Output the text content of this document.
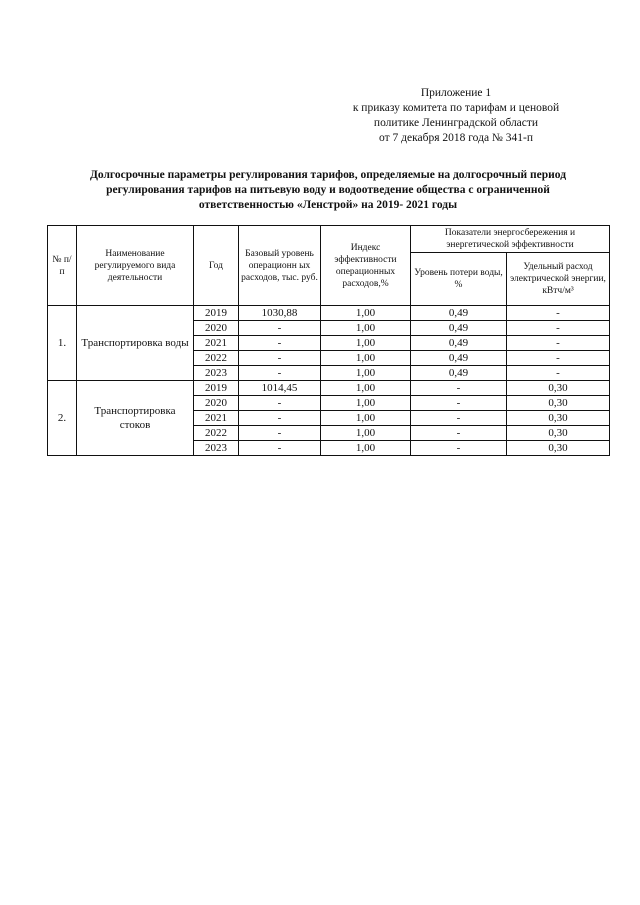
Приложение 1
к приказу комитета по тарифам и ценовой
политике Ленинградской области
от 7 декабря 2018 года № 341-п
Долгосрочные параметры регулирования тарифов, определяемые на долгосрочный период
регулирования тарифов на питьевую воду и водоотведение общества с ограниченной
ответственностью «Ленстрой» на 2019- 2021 годы
№ п/п	Наименование регулируемого вида деятельности	Год	Базовый уровень операционн ых расходов, тыс. руб.	Индекс эффективности операционных расходов,%	Показатели энергосбережения и энергетической эффективности	
					Уровень потери воды, %	Удельный расход электрической энергии, кВтч/м³
1.	Транспортировка воды	2019	1030,88	1,00	0,49	-
		2020	-	1,00	0,49	-
		2021	-	1,00	0,49	-
		2022	-	1,00	0,49	-
		2023	-	1,00	0,49	-
2.	Транспортировка стоков	2019	1014,45	1,00	-	0,30
		2020	-	1,00	-	0,30
		2021	-	1,00	-	0,30
		2022	-	1,00	-	0,30
		2023	-	1,00	-	0,30
